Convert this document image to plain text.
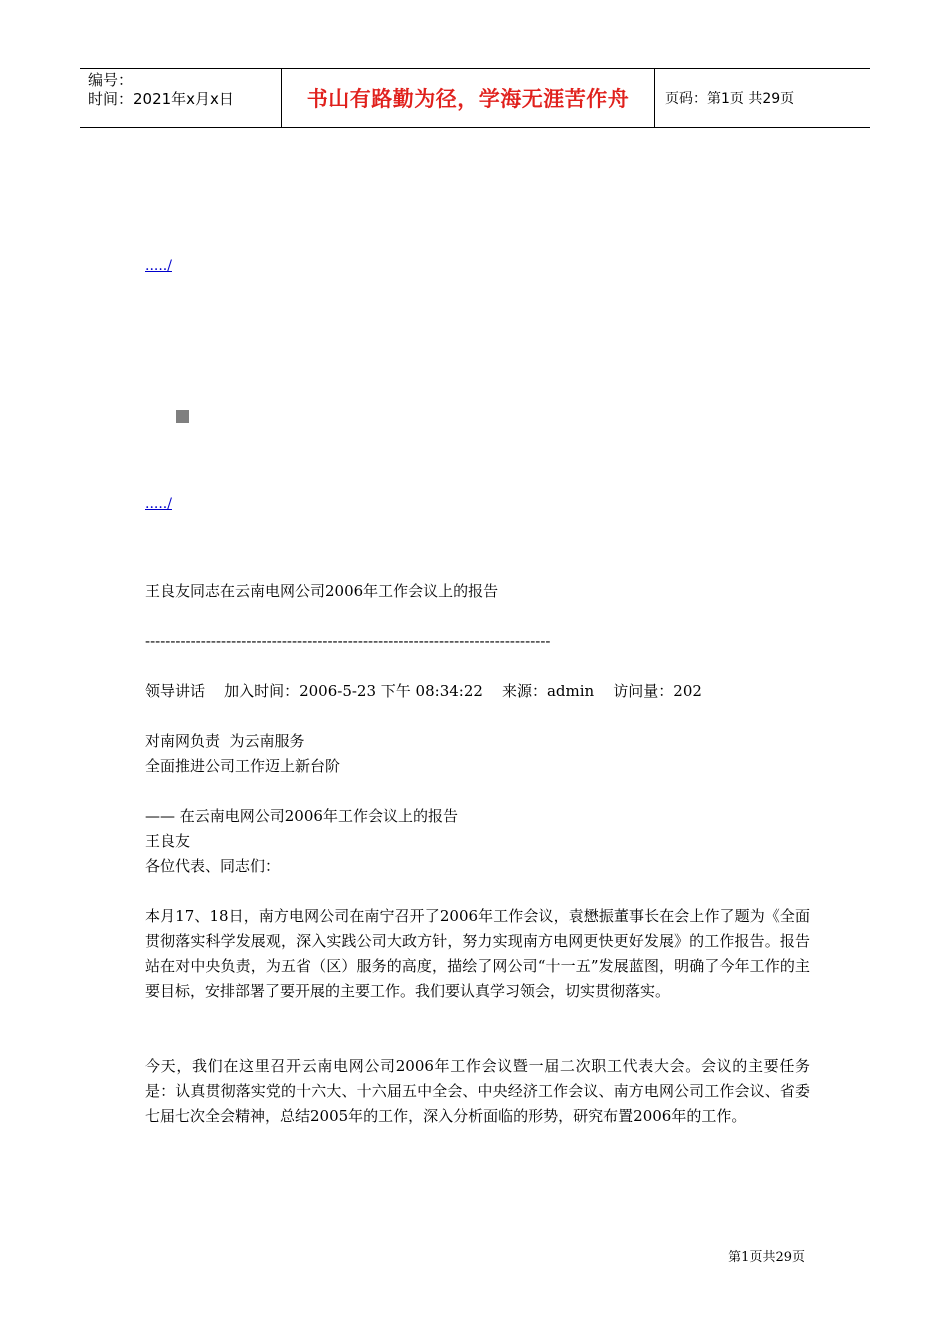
编号：
时间：2021年x月x日	书山有路勤为径，学海无涯苦作舟	页码：第1页 共29页
...../
...../
王良友同志在云南电网公司2006年工作会议上的报告
--------------------------------------------------------------------------------
领导讲话    加入时间：2006-5-23 下午 08:34:22    来源：admin    访问量：202
对南网负责  为云南服务
全面推进公司工作迈上新台阶
—— 在云南电网公司2006年工作会议上的报告
王良友
各位代表、同志们：
本月17、18日，南方电网公司在南宁召开了2006年工作会议，袁懋振董事长在会上作了题为《全面贯彻落实科学发展观，深入实践公司大政方针，努力实现南方电网更快更好发展》的工作报告。报告站在对中央负责，为五省（区）服务的高度，描绘了网公司“十一五”发展蓝图，明确了今年工作的主要目标，安排部署了要开展的主要工作。我们要认真学习领会，切实贯彻落实。
今天，我们在这里召开云南电网公司2006年工作会议暨一届二次职工代表大会。会议的主要任务是：认真贯彻落实党的十六大、十六届五中全会、中央经济工作会议、南方电网公司工作会议、省委七届七次全会精神，总结2005年的工作，深入分析面临的形势，研究布置2006年的工作。
第1页共29页
